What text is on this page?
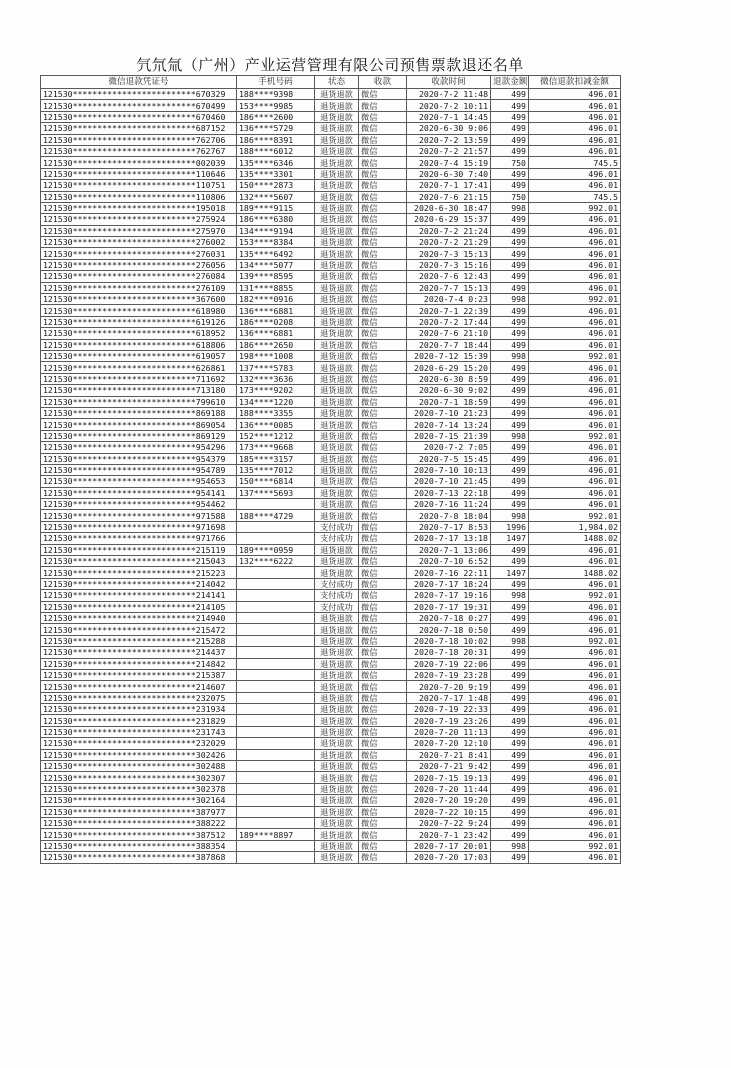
氕氘氚（广州）产业运营管理有限公司预售票款退还名单
微信退款凭证号	手机号码	状态	收款	收款时间	退款金额	微信退款扣减金额
121530*************************670329	188****9398	退货退款	微信	2020-7-2 11:48	499	496.01
121530*************************670499	153****9985	退货退款	微信	2020-7-2 10:11	499	496.01
121530*************************670460	186****2600	退货退款	微信	2020-7-1 14:45	499	496.01
121530*************************687152	136****5729	退货退款	微信	2020-6-30 9:06	499	496.01
121530*************************762706	186****8391	退货退款	微信	2020-7-2 13:59	499	496.01
121530*************************762767	188****6012	退货退款	微信	2020-7-2 21:57	499	496.01
121530*************************002039	135****6346	退货退款	微信	2020-7-4 15:19	750	745.5
121530*************************110646	135****3301	退货退款	微信	2020-6-30 7:40	499	496.01
121530*************************110751	150****2873	退货退款	微信	2020-7-1 17:41	499	496.01
121530*************************110806	132****5607	退货退款	微信	2020-7-6 21:15	750	745.5
121530*************************195018	189****9115	退货退款	微信	2020-6-30 18:47	998	992.01
121530*************************275924	186****6380	退货退款	微信	2020-6-29 15:37	499	496.01
121530*************************275970	134****9194	退货退款	微信	2020-7-2 21:24	499	496.01
121530*************************276002	153****8384	退货退款	微信	2020-7-2 21:29	499	496.01
121530*************************276031	135****6492	退货退款	微信	2020-7-3 15:13	499	496.01
121530*************************276056	134****5077	退货退款	微信	2020-7-3 15:16	499	496.01
121530*************************276084	139****8595	退货退款	微信	2020-7-6 12:43	499	496.01
121530*************************276109	131****8855	退货退款	微信	2020-7-7 15:13	499	496.01
121530*************************367600	182****0916	退货退款	微信	2020-7-4 0:23	998	992.01
121530*************************618980	136****6881	退货退款	微信	2020-7-1 22:39	499	496.01
121530*************************619126	186****0208	退货退款	微信	2020-7-2 17:44	499	496.01
121530*************************618952	136****6881	退货退款	微信	2020-7-6 21:10	499	496.01
121530*************************618806	186****2650	退货退款	微信	2020-7-7 18:44	499	496.01
121530*************************619057	198****1008	退货退款	微信	2020-7-12 15:39	998	992.01
121530*************************626861	137****5783	退货退款	微信	2020-6-29 15:20	499	496.01
121530*************************711692	132****3636	退货退款	微信	2020-6-30 8:59	499	496.01
121530*************************713180	173****9202	退货退款	微信	2020-6-30 9:02	499	496.01
121530*************************799610	134****1220	退货退款	微信	2020-7-1 18:59	499	496.01
121530*************************869188	188****3355	退货退款	微信	2020-7-10 21:23	499	496.01
121530*************************869054	136****0085	退货退款	微信	2020-7-14 13:24	499	496.01
121530*************************869129	152****1212	退货退款	微信	2020-7-15 21:39	998	992.01
121530*************************954296	173****9668	退货退款	微信	2020-7-2 7:05	499	496.01
121530*************************954379	185****3157	退货退款	微信	2020-7-5 15:45	499	496.01
121530*************************954789	135****7012	退货退款	微信	2020-7-10 10:13	499	496.01
121530*************************954653	150****6814	退货退款	微信	2020-7-10 21:45	499	496.01
121530*************************954141	137****5693	退货退款	微信	2020-7-13 22:18	499	496.01
121530*************************954462		退货退款	微信	2020-7-16 11:24	499	496.01
121530*************************971588	188****4729	退货退款	微信	2020-7-8 18:04	998	992.01
121530*************************971698		支付成功	微信	2020-7-17 8:53	1996	1,984.02
121530*************************971766		支付成功	微信	2020-7-17 13:18	1497	1488.02
121530*************************215119	189****0959	退货退款	微信	2020-7-1 13:06	499	496.01
121530*************************215043	132****6222	退货退款	微信	2020-7-10 6:52	499	496.01
121530*************************215223		退货退款	微信	2020-7-16 22:11	1497	1488.02
121530*************************214042		支付成功	微信	2020-7-17 18:24	499	496.01
121530*************************214141		支付成功	微信	2020-7-17 19:16	998	992.01
121530*************************214105		支付成功	微信	2020-7-17 19:31	499	496.01
121530*************************214940		退货退款	微信	2020-7-18 0:27	499	496.01
121530*************************215472		退货退款	微信	2020-7-18 0:50	499	496.01
121530*************************215288		退货退款	微信	2020-7-18 10:02	998	992.01
121530*************************214437		退货退款	微信	2020-7-18 20:31	499	496.01
121530*************************214842		退货退款	微信	2020-7-19 22:06	499	496.01
121530*************************215387		退货退款	微信	2020-7-19 23:28	499	496.01
121530*************************214607		退货退款	微信	2020-7-20 9:19	499	496.01
121530*************************232075		退货退款	微信	2020-7-17 1:48	499	496.01
121530*************************231934		退货退款	微信	2020-7-19 22:33	499	496.01
121530*************************231829		退货退款	微信	2020-7-19 23:26	499	496.01
121530*************************231743		退货退款	微信	2020-7-20 11:13	499	496.01
121530*************************232029		退货退款	微信	2020-7-20 12:10	499	496.01
121530*************************302426		退货退款	微信	2020-7-21 8:41	499	496.01
121530*************************302488		退货退款	微信	2020-7-21 9:42	499	496.01
121530*************************302307		退货退款	微信	2020-7-15 19:13	499	496.01
121530*************************302378		退货退款	微信	2020-7-20 11:44	499	496.01
121530*************************302164		退货退款	微信	2020-7-20 19:20	499	496.01
121530*************************387977		退货退款	微信	2020-7-22 10:15	499	496.01
121530*************************388222		退货退款	微信	2020-7-22 9:24	499	496.01
121530*************************387512	189****8897	退货退款	微信	2020-7-1 23:42	499	496.01
121530*************************388354		退货退款	微信	2020-7-17 20:01	998	992.01
121530*************************387868		退货退款	微信	2020-7-20 17:03	499	496.01
